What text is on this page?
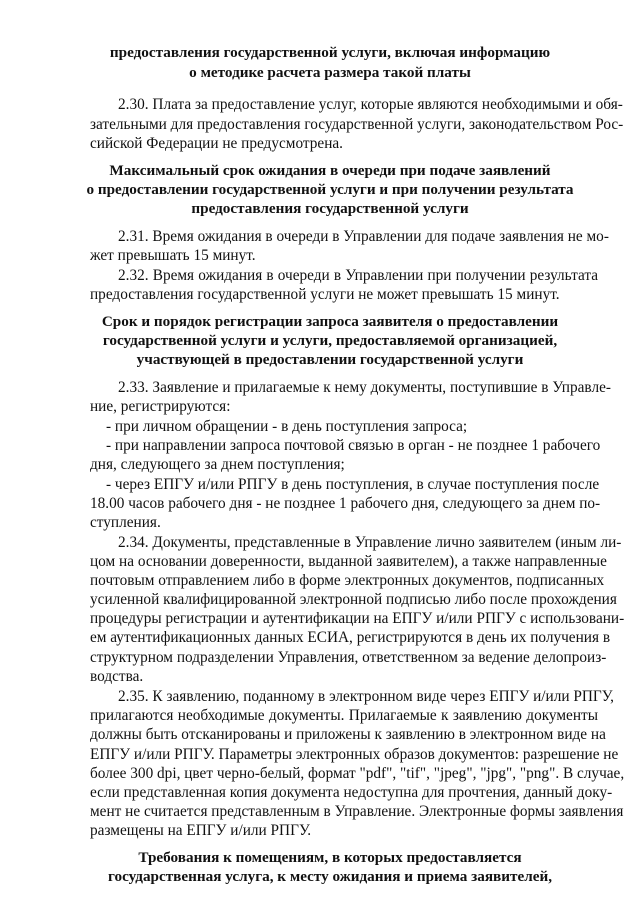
предоставления государственной услуги, включая информацию
о методике расчета размера такой платы
2.30. Плата за предоставление услуг, которые являются необходимыми и обя-
зательными для предоставления государственной услуги, законодательством Рос-
сийской Федерации не предусмотрена.
Максимальный срок ожидания в очереди при подаче заявлений
о предоставлении государственной услуги и при получении результата
предоставления государственной услуги
2.31. Время ожидания в очереди в Управлении для подаче заявления не мо-
жет превышать 15 минут.
2.32. Время ожидания в очереди в Управлении при получении результата
предоставления государственной услуги не может превышать 15 минут.
Срок и порядок регистрации запроса заявителя о предоставлении
государственной услуги и услуги, предоставляемой организацией,
участвующей в предоставлении государственной услуги
2.33. Заявление и прилагаемые к нему документы, поступившие в Управле-
ние, регистрируются:
- при личном обращении - в день поступления запроса;
- при направлении запроса почтовой связью в орган - не позднее 1 рабочего
дня, следующего за днем поступления;
- через ЕПГУ и/или РПГУ в день поступления, в случае поступления после
18.00 часов рабочего дня - не позднее 1 рабочего дня, следующего за днем по-
ступления.
2.34. Документы, представленные в Управление лично заявителем (иным ли-
цом на основании доверенности, выданной заявителем), а также направленные
почтовым отправлением либо в форме электронных документов, подписанных
усиленной квалифицированной электронной подписью либо после прохождения
процедуры регистрации и аутентификации на ЕПГУ и/или РПГУ с использовани-
ем аутентификационных данных ЕСИА, регистрируются в день их получения в
структурном подразделении Управления, ответственном за ведение делопроиз-
водства.
2.35. К заявлению, поданному в электронном виде через ЕПГУ и/или РПГУ,
прилагаются необходимые документы. Прилагаемые к заявлению документы
должны быть отсканированы и приложены к заявлению в электронном виде на
ЕПГУ и/или РПГУ. Параметры электронных образов документов: разрешение не
более 300 dpi, цвет черно-белый, формат "pdf", "tif", "jpeg", "jpg", "png". В случае,
если представленная копия документа недоступна для прочтения, данный доку-
мент не считается представленным в Управление. Электронные формы заявления
размещены на ЕПГУ и/или РПГУ.
Требования к помещениям, в которых предоставляется
государственная услуга, к месту ожидания и приема заявителей,
